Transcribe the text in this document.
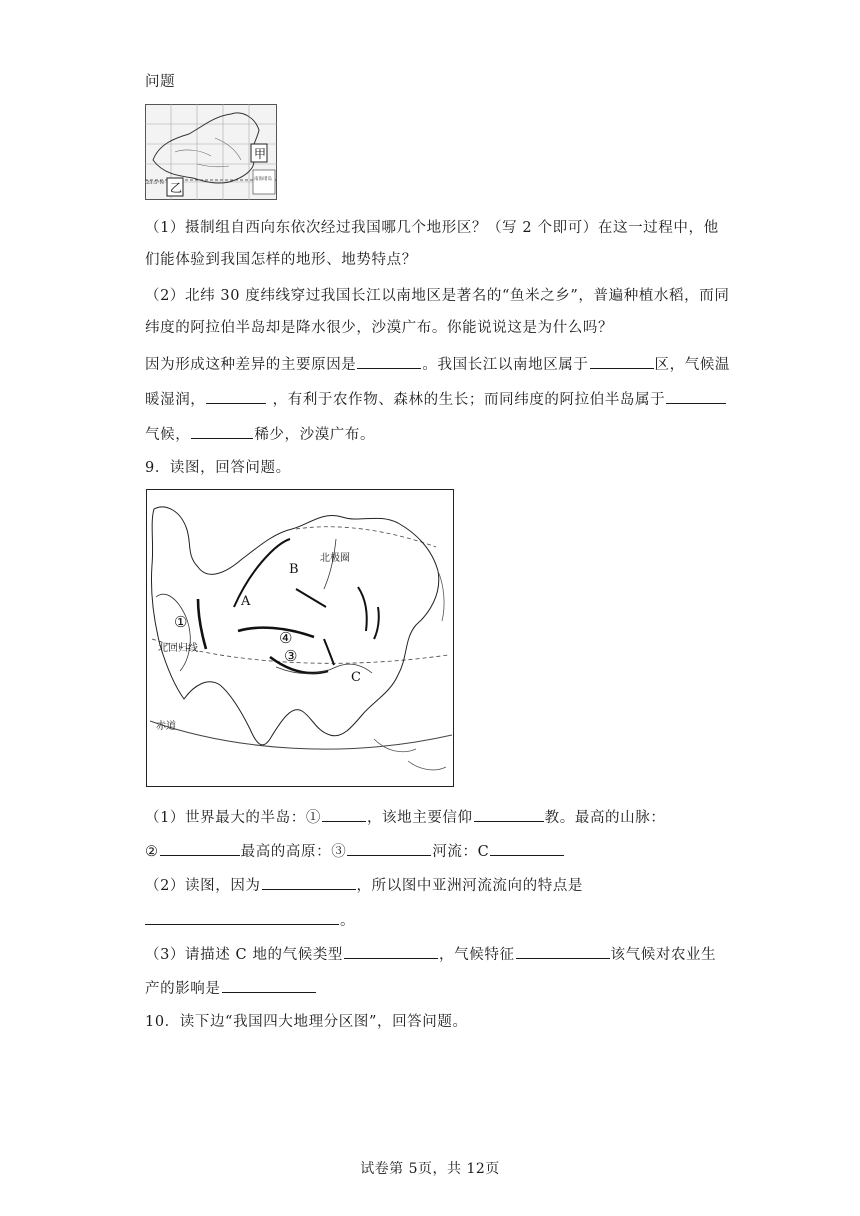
问题
甲
乙
23.5°N
南海诸岛
（1）摄制组自西向东依次经过我国哪几个地形区？（写 2 个即可）在这一过程中，他
们能体验到我国怎样的地形、地势特点？
（2）北纬 30 度纬线穿过我国长江以南地区是著名的“鱼米之乡”，普遍种植水稻，而同
纬度的阿拉伯半岛却是降水很少，沙漠广布。你能说说这是为什么吗？
因为形成这种差异的主要原因是	。我国长江以南地区属于	区，气候温
暖湿润，	，有利于农作物、森林的生长；而同纬度的阿拉伯半岛属于
气候，	稀少，沙漠广布。
9．读图，回答问题。
A
B
C
①
④
③
北极圈
北回归线
赤道
（1）世界最大的半岛：①	，该地主要信仰	教。最高的山脉：
②	最高的高原：③	河流：C
（2）读图，因为	，所以图中亚洲河流流向的特点是
。
（3）请描述 C 地的气候类型	，气候特征	该气候对农业生
产的影响是
10．读下边“我国四大地理分区图”，回答问题。
试卷第 5页，共 12页
